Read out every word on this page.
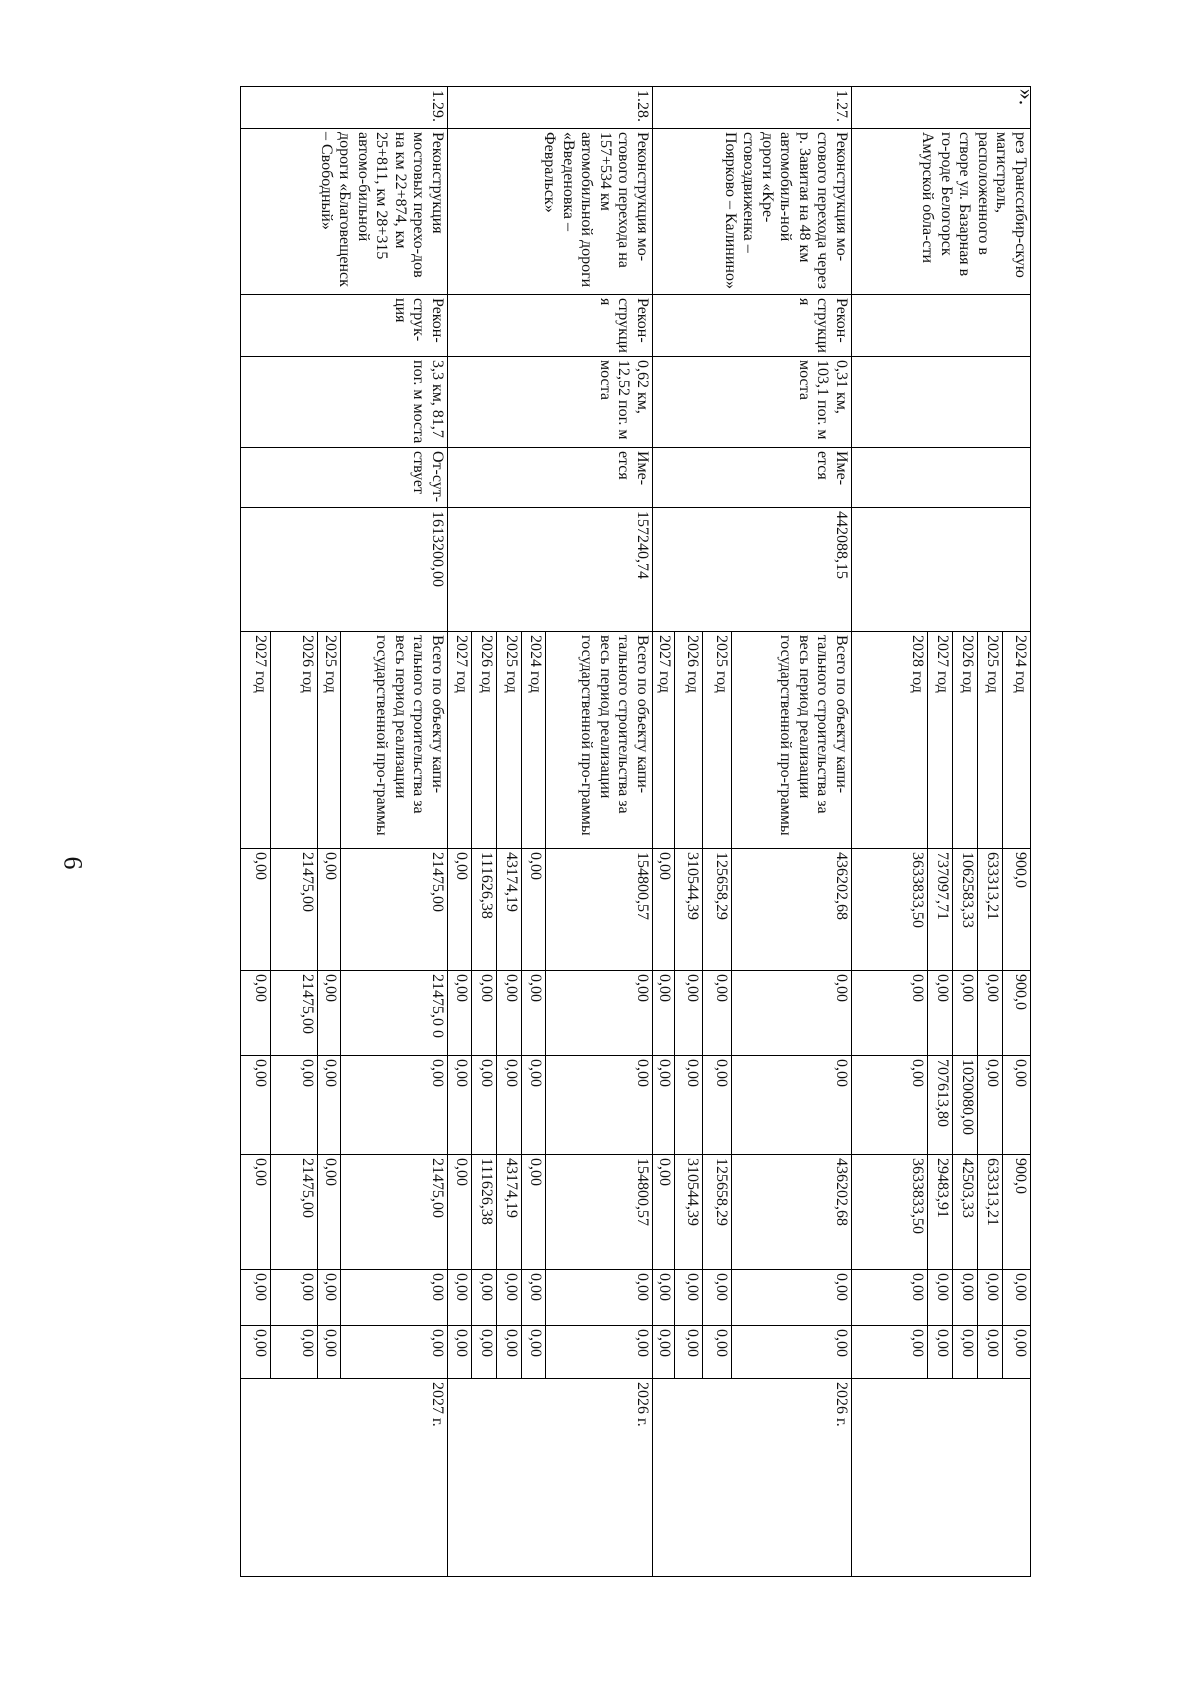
6
».
	рез Транссибир-скую магистраль, расположенного в створе ул. Базарная в го-роде Белогорск Амурской обла-сти					2024 год	900,0	900,0	0,00	900,0	0,00	0,00	
						2025 год	633313,21	0,00	0,00	633313,21	0,00	0,00	
						2026 год	1062583,33	0,00	1020080,00	42503,33	0,00	0,00	
						2027 год	737097,71	0,00	707613,80	29483,91	0,00	0,00	
						2028 год	3633833,50	0,00	0,00	3633833,50	0,00	0,00	
1.27.	Реконструкция мо-стового перехода через р. Завитая на 48 км автомобиль-ной дороги «Кре-стовоздвиженка – Поярково – Калинино»	Рекон-струкция	0,31 км, 103,1 пог. м моста	Име-ется	442088,15	Всего по объекту капи-тального строительства за весь период реализации государственной про-граммы	436202,68	0,00	0,00	436202,68	0,00	0,00	2026 г.
						2025 год	125658,29	0,00	0,00	125658,29	0,00	0,00	
						2026 год	310544,39	0,00	0,00	310544,39	0,00	0,00	
						2027 год	0,00	0,00	0,00	0,00	0,00	0,00	
1.28.	Реконструкция мо-стового перехода на 157+534 км автомобильной дороги «Введеновка – Февральск»	Рекон-струкция	0,62 км, 12,52 пог. м моста	Име-ется	157240,74	Всего по объекту капи-тального строительства за весь период реализации государственной про-граммы	154800,57	0,00	0,00	154800,57	0,00	0,00	2026 г.
						2024 год	0,00	0,00	0,00	0,00	0,00	0,00	
						2025 год	43174,19	0,00	0,00	43174,19	0,00	0,00	
						2026 год	111626,38	0,00	0,00	111626,38	0,00	0,00	
						2027 год	0,00	0,00	0,00	0,00	0,00	0,00	
1.29.	Реконструкция мостовых перехо-дов на км 22+874, км 25+811, км 28+315 автомо-бильной дороги «Благовещенск – Свободный»	Рекон-струк-ция	3,3 км, 81,7 пог. м моста	От-сут-ствует	1613200,00	Всего по объекту капи-тального строительства за весь период реализации государственной про-граммы	21475,00	21475,0 0	0,00	21475,00	0,00	0,00	2027 г.
						2025 год	0,00	0,00	0,00	0,00	0,00	0,00	
						2026 год	21475,00	21475,00	0,00	21475,00	0,00	0,00	
						2027 год	0,00	0,00	0,00	0,00	0,00	0,00	
